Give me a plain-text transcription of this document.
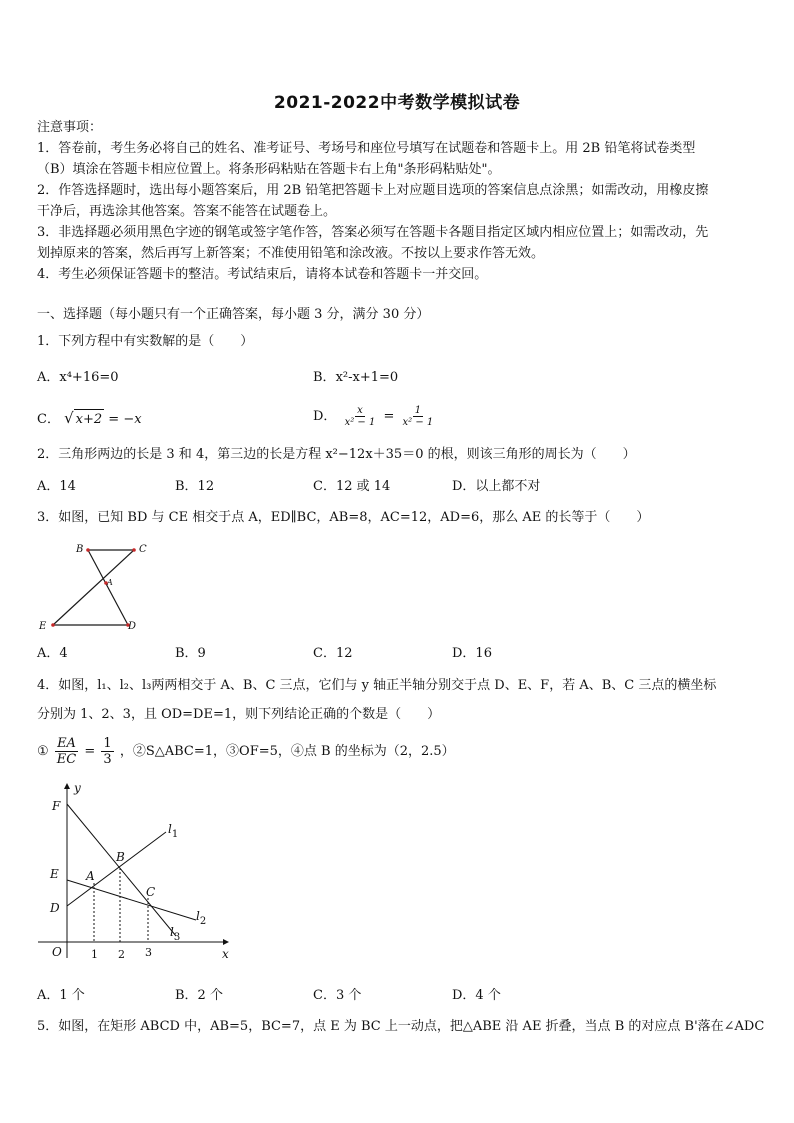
2021-2022中考数学模拟试卷
注意事项：
1．答卷前，考生务必将自己的姓名、准考证号、考场号和座位号填写在试题卷和答题卡上。用 2B 铅笔将试卷类型
（B）填涂在答题卡相应位置上。将条形码粘贴在答题卡右上角"条形码粘贴处"。
2．作答选择题时，选出每小题答案后，用 2B 铅笔把答题卡上对应题目选项的答案信息点涂黑；如需改动，用橡皮擦
干净后，再选涂其他答案。答案不能答在试题卷上。
3．非选择题必须用黑色字迹的钢笔或签字笔作答，答案必须写在答题卡各题目指定区域内相应位置上；如需改动，先
划掉原来的答案，然后再写上新答案；不准使用铅笔和涂改液。不按以上要求作答无效。
4．考生必须保证答题卡的整洁。考试结束后，请将本试卷和答题卡一并交回。
一、选择题（每小题只有一个正确答案，每小题 3 分，满分 30 分）
1．下列方程中有实数解的是（　　）
A．x⁴+16=0	B．x²-x+1=0
C． √ x+2 = −x	D． $\frac{x}{\text{x² − 1}} = \frac{1}{\text{x² − 1}}$
2．三角形两边的长是 3 和 4，第三边的长是方程 x²−12x＋35＝0 的根，则该三角形的周长为（　　）
A．14	B．12	C．12 或 14	D．以上都不对
3．如图，已知 BD 与 CE 相交于点 A，ED∥BC，AB=8，AC=12，AD=6，那么 AE 的长等于（　　）
B	C
A
E	D
A．4	B．9	C．12	D．16
4．如图，l₁、l₂、l₃两两相交于 A、B、C 三点，它们与 y 轴正半轴分别交于点 D、E、F，若 A、B、C 三点的横坐标
分别为 1、2、3，且 OD=DE=1，则下列结论正确的个数是（　　）
① $\frac{EA}{EC} = \frac{1}{3}$ ，②S△ABC=1，③OF=5，④点 B 的坐标为（2，2.5）
y
x
O
F
E
D
A
B
C
$l_1$
$l_2$
$l_3$
1 2 3
A．1 个	B．2 个	C．3 个	D．4 个
5．如图，在矩形 ABCD 中，AB=5，BC=7，点 E 为 BC 上一动点，把△ABE 沿 AE 折叠，当点 B 的对应点 B'落在∠ADC
